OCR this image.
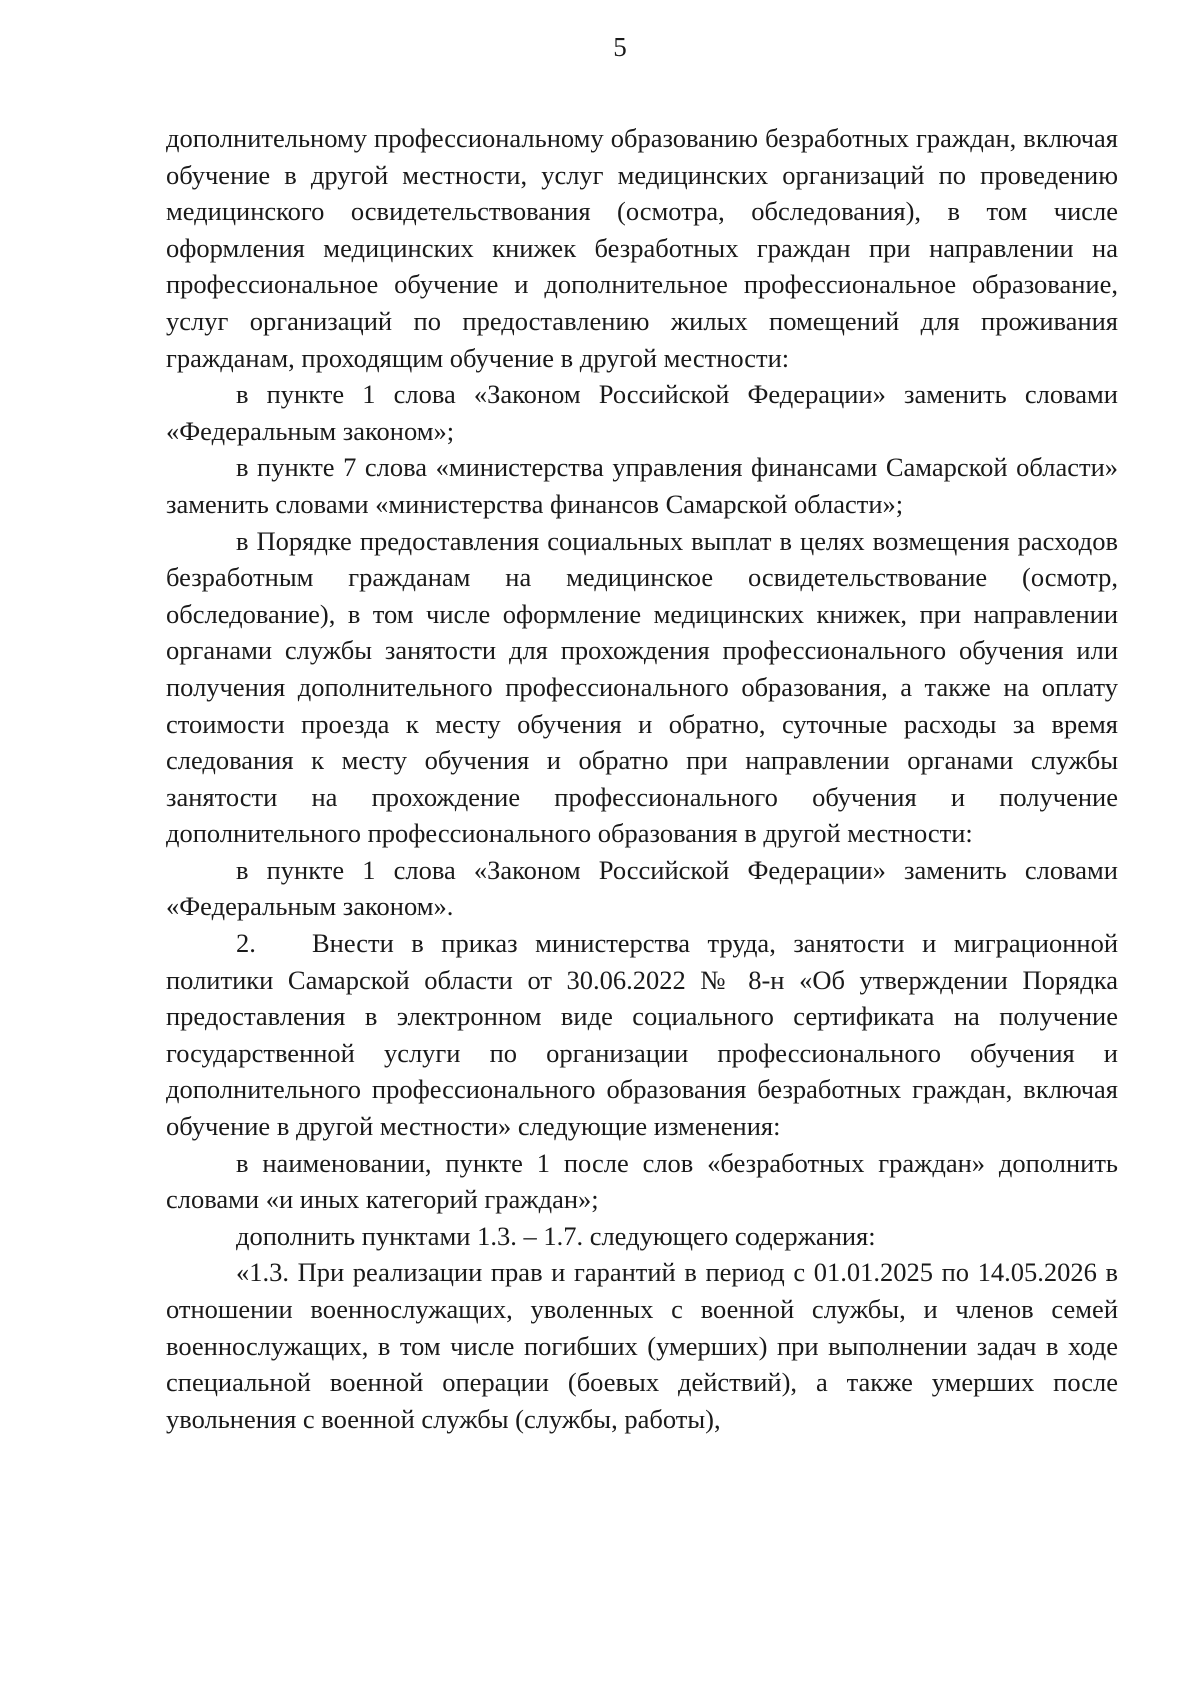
5

дополнительному профессиональному образованию безработных граждан, включая обучение в другой местности, услуг медицинских организаций по проведению медицинского освидетельствования (осмотра, обследования), в том числе оформления медицинских книжек безработных граждан при направлении на профессиональное обучение и дополнительное профессиональное образование, услуг организаций по предоставлению жилых помещений для проживания гражданам, проходящим обучение в другой местности:

в пункте 1 слова «Законом Российской Федерации» заменить словами «Федеральным законом»;

в пункте 7 слова «министерства управления финансами Самарской области» заменить словами «министерства финансов Самарской области»;

в Порядке предоставления социальных выплат в целях возмещения расходов безработным гражданам на медицинское освидетельствование (осмотр, обследование), в том числе оформление медицинских книжек, при направлении органами службы занятости для прохождения профессионального обучения или получения дополнительного профессионального образования, а также на оплату стоимости проезда к месту обучения и обратно, суточные расходы за время следования к месту обучения и обратно при направлении органами службы занятости на прохождение профессионального обучения и получение дополнительного профессионального образования в другой местности:

в пункте 1 слова «Законом Российской Федерации» заменить словами «Федеральным законом».

2. Внести в приказ министерства труда, занятости и миграционной политики Самарской области от 30.06.2022 № 8-н «Об утверждении Порядка предоставления в электронном виде социального сертификата на получение государственной услуги по организации профессионального обучения и дополнительного профессионального образования безработных граждан, включая обучение в другой местности» следующие изменения:

в наименовании, пункте 1 после слов «безработных граждан» дополнить словами «и иных категорий граждан»;

дополнить пунктами 1.3. – 1.7. следующего содержания:

«1.3. При реализации прав и гарантий в период с 01.01.2025 по 14.05.2026 в отношении военнослужащих, уволенных с военной службы, и членов семей военнослужащих, в том числе погибших (умерших) при выполнении задач в ходе специальной военной операции (боевых действий), а также умерших после увольнения с военной службы (службы, работы),
